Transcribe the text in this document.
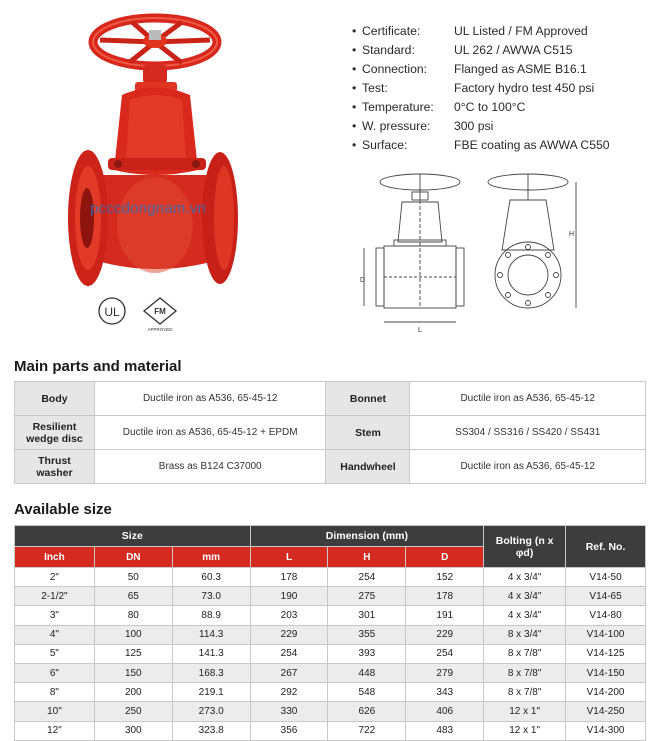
UL	FM
APPROVED
pcccdongnam.vn
• Certificate:	UL Listed / FM Approved
• Standard:	UL 262 / AWWA C515
• Connection:	Flanged as ASME B16.1
• Test:	Factory hydro test 450 psi
• Temperature:	0°C to 100°C
• W. pressure:	300 psi
• Surface:	FBE coating as AWWA C550
D
L
H
Main parts and material
Body	Ductile iron as A536, 65-45-12	Bonnet	Ductile iron as A536, 65-45-12
Resilient wedge disc	Ductile iron as A536, 65-45-12 + EPDM	Stem	SS304 / SS316 / SS420 / SS431
Thrust washer	Brass as B124 C37000	Handwheel	Ductile iron as A536, 65-45-12
Available size
Size			Dimension (mm)			Bolting (n x φd)	Ref. No.
Inch	DN	mm	L	H	D		
2"	50	60.3	178	254	152	4 x 3/4"	V14-50
2-1/2"	65	73.0	190	275	178	4 x 3/4"	V14-65
3"	80	88.9	203	301	191	4 x 3/4"	V14-80
4"	100	114.3	229	355	229	8 x 3/4"	V14-100
5"	125	141.3	254	393	254	8 x 7/8"	V14-125
6"	150	168.3	267	448	279	8 x 7/8"	V14-150
8"	200	219.1	292	548	343	8 x 7/8"	V14-200
10"	250	273.0	330	626	406	12 x 1"	V14-250
12"	300	323.8	356	722	483	12 x 1"	V14-300
